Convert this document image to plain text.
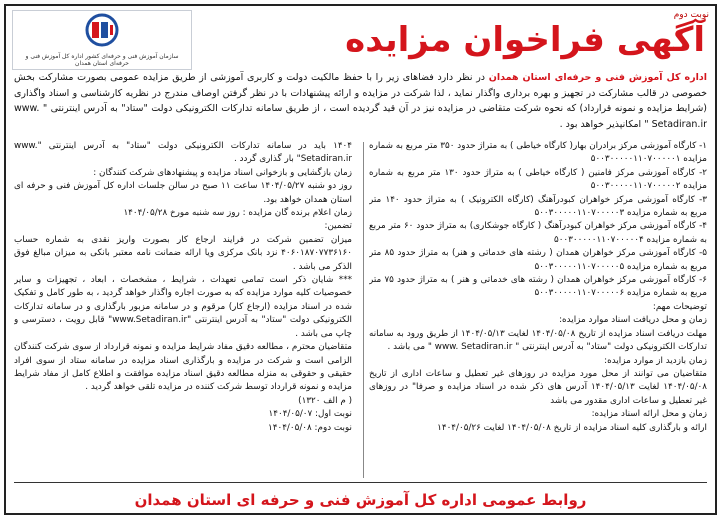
نوبت دوم
آگهی فراخوان مزایده
سازمان آموزش فنی و حرفه‌ای کشور اداره کل آموزش فنی و حرفه‌ای استان همدان
اداره کل آموزش فنی و حرفه‌ای استان همدان در نظر دارد فضاهای زیر را با حفظ مالکیت دولت و کاربری آموزشی از طریق مزایده عمومی بصورت مشارکت بخش خصوصی در قالب مشارکت در تجهیز و بهره برداری واگذار نماید ، لذا شرکت در مزایده و ارائه پیشنهادات با در نظر گرفتن اوصاف مندرج در نظریه کارشناسی و اسناد واگذاری (شرایط مزایده و نمونه قرارداد) که نحوه شرکت متقاضی در مزایده نیز در آن قید گردیده است ، از طریق سامانه تدارکات الکترونیکی دولت "ستاد" به آدرس اینترنتی " www. Setadiran.ir " امکانپذیر خواهد بود .

۱- کارگاه آموزشی مرکز برادران بهار( کارگاه خیاطی ) به متراژ حدود ۳۵۰ متر مربع به شماره مزایده ۵۰۰۳۰۰۰۰۰۱۱۰۷۰۰۰۰۰۱

۲- کارگاه آموزشی مرکز فامنین ( کارگاه خیاطی ) به متراژ حدود ۱۳۰ متر مربع به شماره مزایده ۵۰۰۳۰۰۰۰۰۱۱۰۷۰۰۰۰۰۲

۳- کارگاه آموزشی مرکز خواهران کبودرآهنگ (کارگاه الکترونیک ) به متراژ حدود ۱۴۰ متر مربع به شماره مزایده ۵۰۰۳۰۰۰۰۰۱۱۰۷۰۰۰۰۰۳

۴- کارگاه آموزشی مرکز خواهران کبودرآهنگ ( کارگاه جوشکاری) به متراژ حدود ۶۰ متر مربع به شماره مزایده ۵۰۰۳۰۰۰۰۰۱۱۰۷۰۰۰۰۰۴

۵- کارگاه آموزشی مرکز خواهران همدان ( رشته های خدماتی و هنر) به متراژ حدود ۸۵ متر مربع به شماره مزایده ۵۰۰۳۰۰۰۰۰۱۱۰۷۰۰۰۰۰۵

۶- کارگاه آموزشی مرکز خواهران همدان ( رشته های خدماتی و هنر ) به متراژ حدود ۷۵ متر مربع به شماره مزایده ۵۰۰۳۰۰۰۰۰۱۱۰۷۰۰۰۰۰۶

توضیحات مهم:

زمان و محل دریافت اسناد موارد مزایده:

مهلت دریافت اسناد مزایده از تاریخ ۱۴۰۴/۰۵/۰۸ لغایت ۱۴۰۴/۰۵/۱۳ از طریق ورود به سامانه تدارکات الکترونیکی دولت "ستاد" به آدرس اینترنتی " www. Setadiran.ir " می باشد .

زمان بازدید از موارد مزایده:

متقاضیان می توانند از محل مورد مزایده در روزهای غیر تعطیل و ساعات اداری از تاریخ ۱۴۰۴/۰۵/۰۸ لغایت ۱۴۰۴/۰۵/۱۳ آدرس های ذکر شده در اسناد مزایده و صرفا" در روزهای غیر تعطیل و ساعات اداری مقدور می باشد

زمان و محل ارائه اسناد مزایده:

ارائه و بارگذاری کلیه اسناد مزایده از تاریخ ۱۴۰۴/۰۵/۰۸ لغایت ۱۴۰۴/۰۵/۲۶

۱۴۰۴ باید در سامانه تدارکات الکترونیکی دولت "ستاد" به آدرس اینترنتی "www. Setadiran.ir" بار گذاری گردد .

زمان بازگشایی و بازخوانی اسناد مزایده و پیشنهادهای شرکت کنندگان :

روز دو شنبه ۱۴۰۴/۰۵/۲۷ ساعت ۱۱ صبح در سالن جلسات اداره کل آموزش فنی و حرفه ای استان همدان خواهد بود.

زمان اعلام برنده گان مزایده : روز سه شنبه مورخ ۱۴۰۴/۰۵/۲۸

تضمین:

میزان تضمین شرکت در فرایند ارجاع کار بصورت واریز نقدی به شماره حساب ۴۰۶۰۱۸۷۰۷۷۳۶۱۶۰ نزد بانک مرکزی ویا ارائه ضمانت نامه معتبر بانکی به میزان مبالغ فوق الذکر می باشد .

*** شایان ذکر است تمامی تعهدات ، شرایط ، مشخصات ، ابعاد ، تجهیزات و سایر خصوصیات کلیه موارد مزایده که به صورت اجاره واگذار خواهد گردید ، به طور کامل و تفکیک شده در اسناد مزایده (ارجاع کار) مرقوم و در سامانه مزبور بارگذاری و در سامانه تدارکات الکترونیکی دولت "ستاد" به آدرس اینترنتی "www.Setadiran.ir" قابل رویت ، دسترسی و چاپ می باشد .

متقاضیان محترم ، مطالعه دقیق مفاد شرایط مزایده و نمونه قرارداد از سوی شرکت کنندگان الزامی است و شرکت در مزایده و بارگذاری اسناد مزایده در سامانه ستاد از سوی افراد حقیقی و حقوقی به منزله مطالعه دقیق اسناد مزایده موافقت و اطلاع کامل از مفاد شرایط مزایده و نمونه قرارداد توسط شرکت کننده در مزایده تلقی خواهد گردید .

( م الف ۱۳۲۰)

نوبت اول: ۱۴۰۴/۰۵/۰۷

نوبت دوم: ۱۴۰۴/۰۵/۰۸

روابط عمومی اداره کل آموزش فنی و حرفه ای استان همدان
